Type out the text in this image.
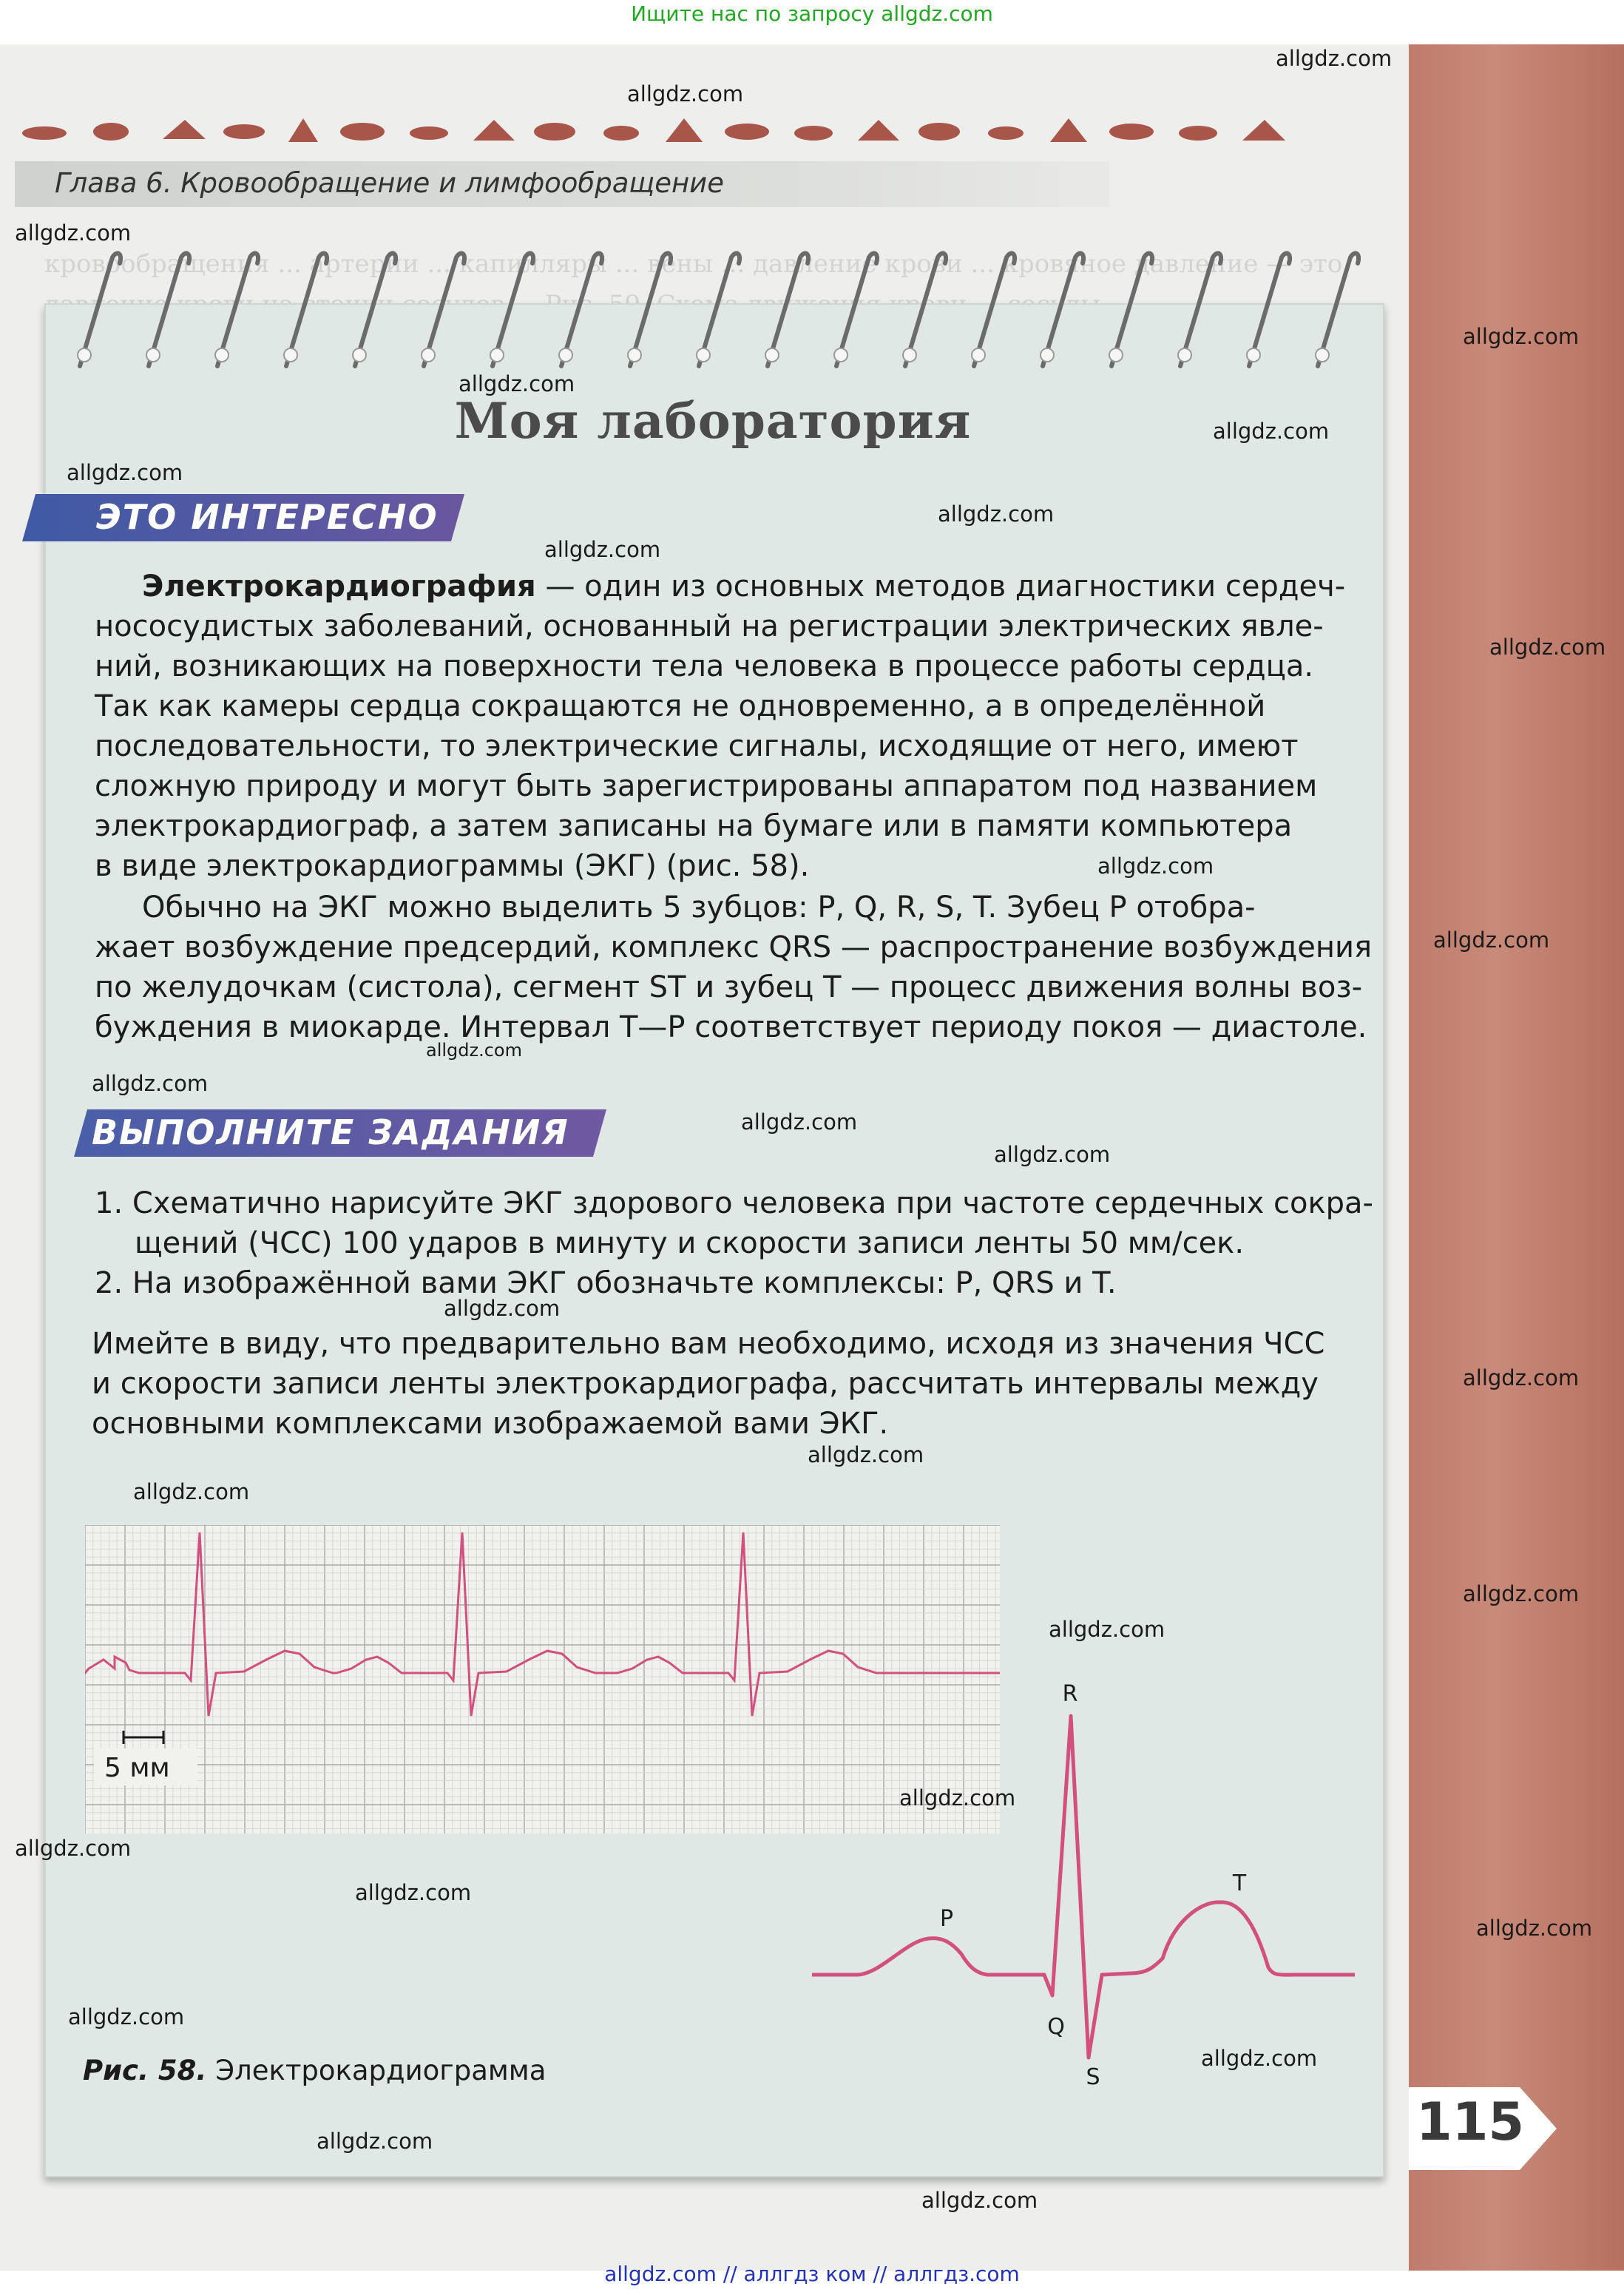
Ищите нас по запросу allgdz.com
Глава 6. Кровообращение и лимфообращение
кровообращения ... артерии ... капилляры ... вены ... давление крови ... кровяное давление — это
Моя лаборатория
ЭТО ИНТЕРЕСНО
Электрокардиография — один из основных методов диагностики сердеч-
нососудистых заболеваний, основанный на регистрации электрических явле-
ний, возникающих на поверхности тела человека в процессе работы сердца.
Так как камеры сердца сокращаются не одновременно, а в определённой
последовательности, то электрические сигналы, исходящие от него, имеют
сложную природу и могут быть зарегистрированы аппаратом под названием
электрокардиограф, а затем записаны на бумаге или в памяти компьютера
в виде электрокардиограммы (ЭКГ) (рис. 58).
Обычно на ЭКГ можно выделить 5 зубцов: P, Q, R, S, T. Зубец P отобра-
жает возбуждение предсердий, комплекс QRS — распространение возбуждения
по желудочкам (систола), сегмент ST и зубец T — процесс движения волны воз-
буждения в миокарде. Интервал T—P соответствует периоду покоя — диастоле.
ВЫПОЛНИТЕ ЗАДАНИЯ
1. Схематично нарисуйте ЭКГ здорового человека при частоте сердечных сокра-
щений (ЧСС) 100 ударов в минуту и скорости записи ленты 50 мм/сек.
2. На изображённой вами ЭКГ обозначьте комплексы: P, QRS и T.
Имейте в виду, что предварительно вам необходимо, исходя из значения ЧСС
и скорости записи ленты электрокардиографа, рассчитать интервалы между
основными комплексами изображаемой вами ЭКГ.
5 мм
R
P
T
Q
S
Рис. 58. Электрокардиограмма
115
allgdz.com
allgdz.com
allgdz.com
allgdz.com
allgdz.com
allgdz.com
allgdz.com
allgdz.com
allgdz.com
allgdz.com
allgdz.com
allgdz.com
allgdz.com
allgdz.com
allgdz.com
allgdz.com
allgdz.com
allgdz.com
allgdz.com
allgdz.com
allgdz.com
allgdz.com
allgdz.com
allgdz.com
allgdz.com
allgdz.com
allgdz.com
allgdz.com
allgdz.com
allgdz.com
allgdz.com // аллгдз ком // аллгдз.com
